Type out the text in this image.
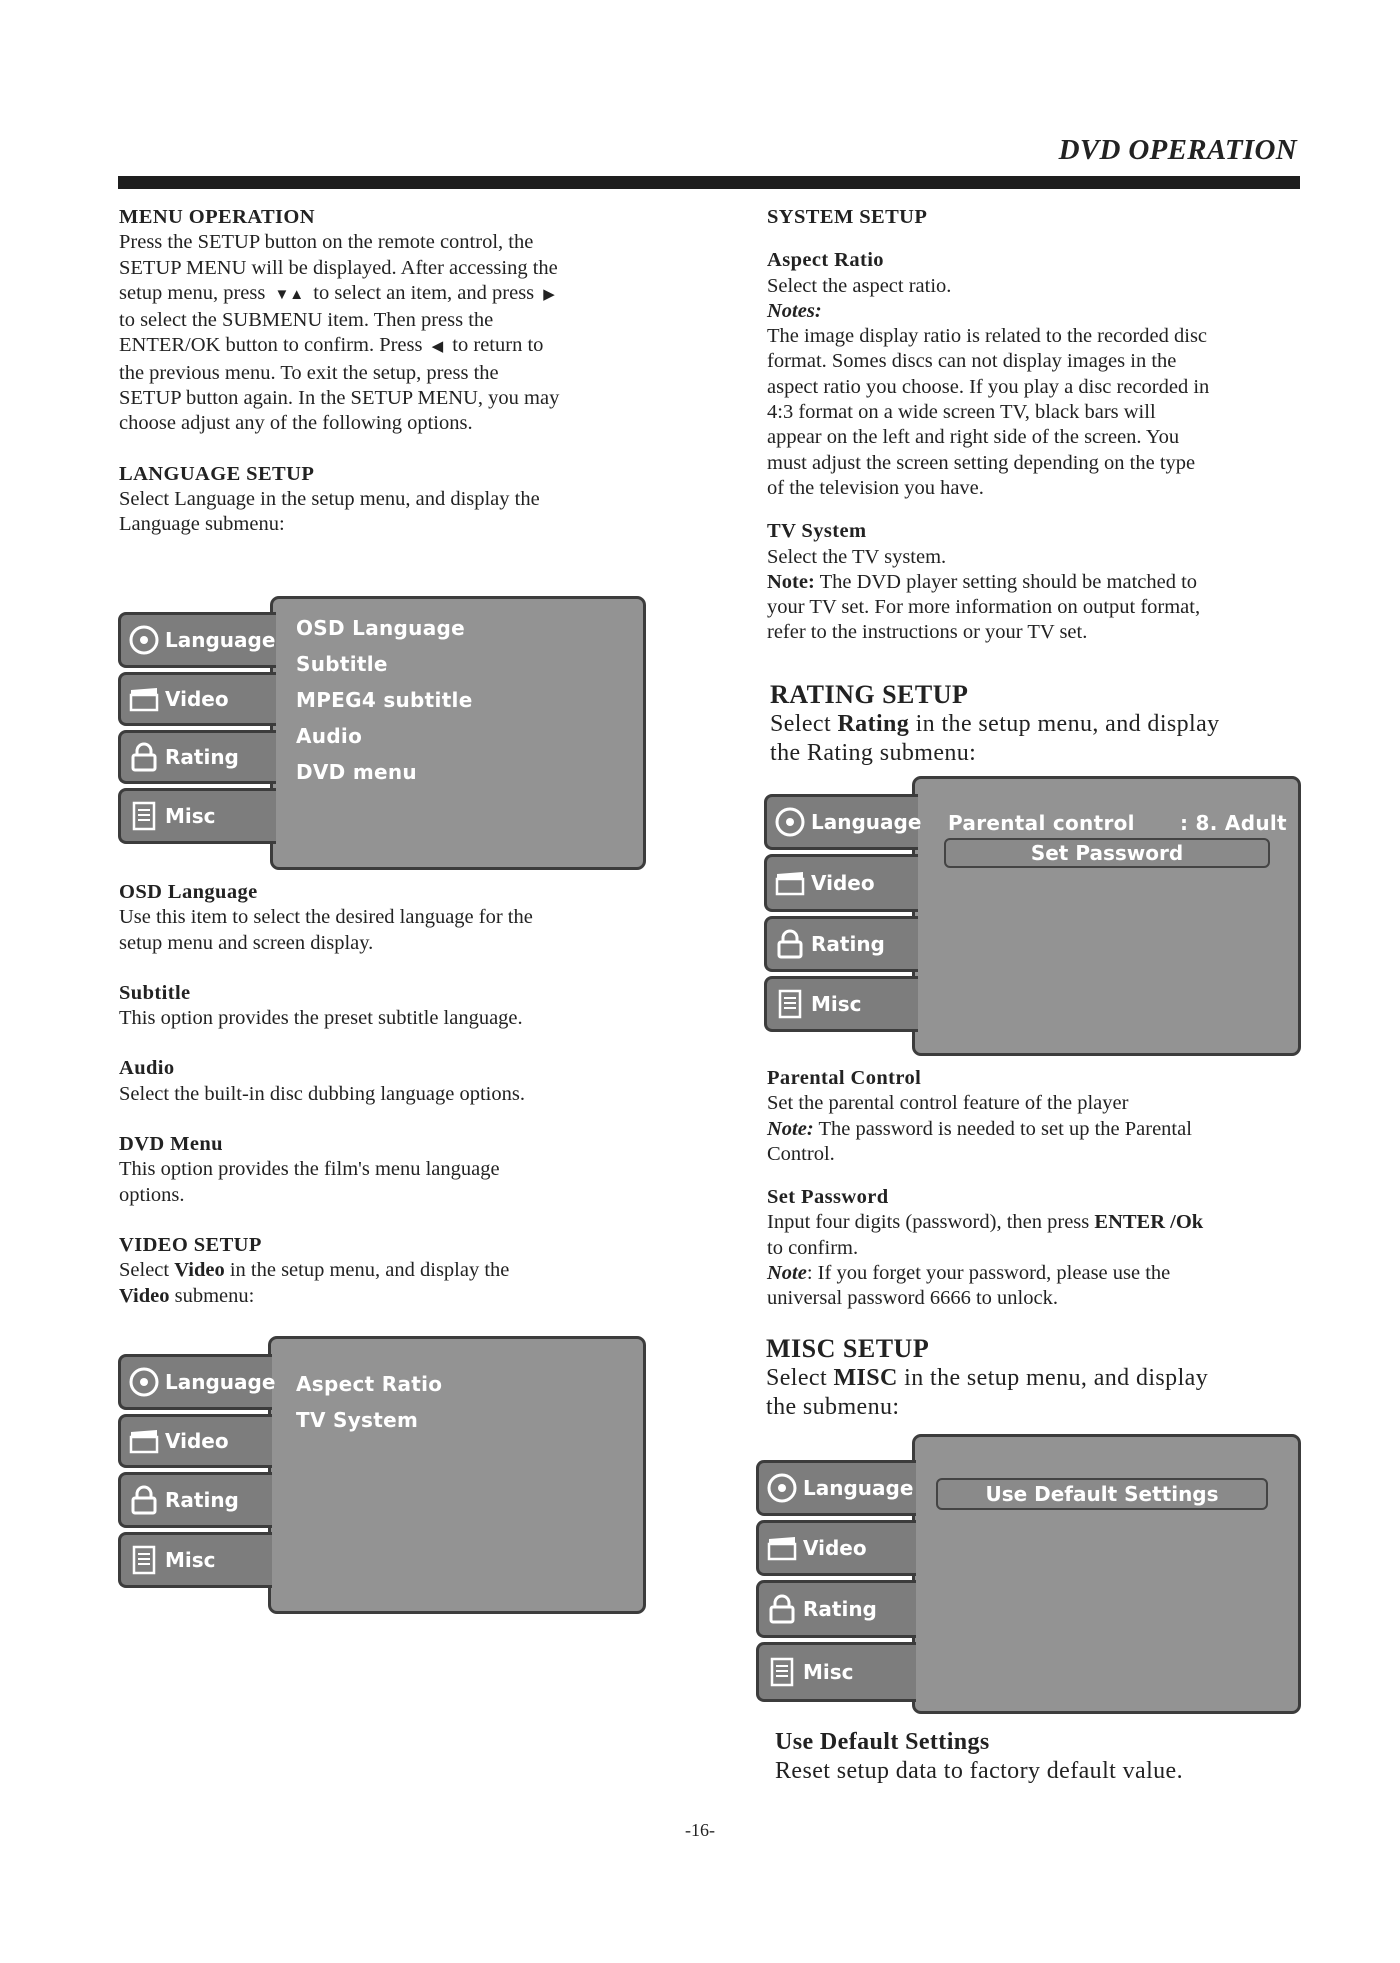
DVD OPERATION

MENU OPERATION

Press the SETUP button on the remote control, the

SETUP MENU will be displayed. After accessing the

setup menu, press ▼▲ to select an item, and press ▶

to select the SUBMENU item. Then press the

ENTER/OK button to confirm. Press ◀ to return to

the previous menu. To exit the setup, press the

SETUP button again. In the SETUP MENU, you may

choose adjust any of the following options.

LANGUAGE SETUP

Select Language in the setup menu, and display the

Language submenu:

Language
Video
Rating
Misc
OSD Language
Subtitle
MPEG4 subtitle
Audio
DVD menu

OSD Language

Use this item to select the desired language for the

setup menu and screen display.

Subtitle

This option provides the preset subtitle language.

Audio

Select the built-in disc dubbing language options.

DVD Menu

This option provides the film's menu language

options.

VIDEO SETUP

Select Video in the setup menu, and display the

Video submenu:

Language
Video
Rating
Misc
Aspect Ratio
TV System

SYSTEM SETUP

Aspect Ratio

Select the aspect ratio.

Notes:

The image display ratio is related to the recorded disc

format. Somes discs can not display images in the

aspect ratio you choose. If you play a disc recorded in

4:3 format on a wide screen TV, black bars will

appear on the left and right side of the screen. You

must adjust the screen setting depending on the type

of the television you have.

TV System

Select the TV system.

Note: The DVD player setting should be matched to

your TV set. For more information on output format,

refer to the instructions or your TV set.

RATING SETUP

Select Rating in the setup menu, and display

the Rating submenu:

Language
Video
Rating
Misc
Parental control : 8. Adult
Set Password

Parental Control

Set the parental control feature of the player

Note: The password is needed to set up the Parental

Control.

Set Password

Input four digits (password), then press ENTER /Ok

to confirm.

Note: If you forget your password, please use the

universal password 6666 to unlock.

MISC SETUP

Select MISC in the setup menu, and display

the submenu:

Language
Video
Rating
Misc
Use Default Settings

Use Default Settings

Reset setup data to factory default value.

-16-
